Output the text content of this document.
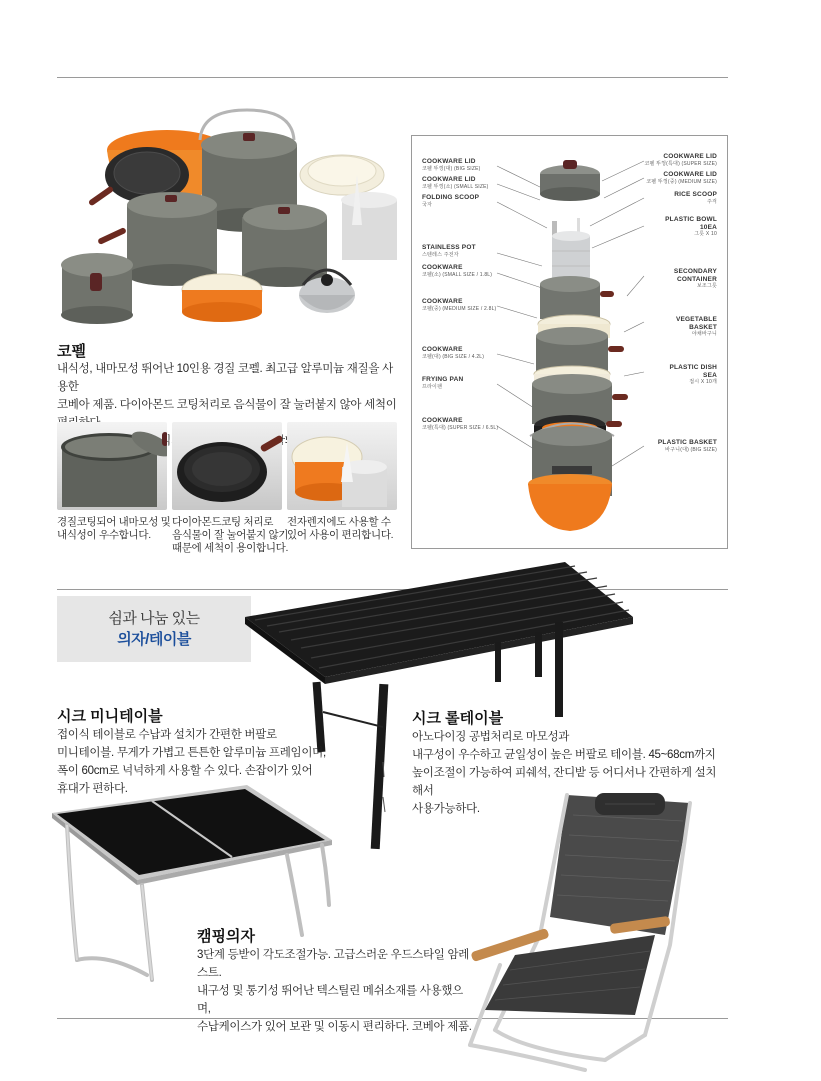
코펠
내식성, 내마모성 뛰어난 10인용 경질 코펠. 최고급 알루미늄 재질을 사용한
코베아 제품. 다이아몬드 코팅처리로 음식물이 잘 눌러붙지 않아 세척이
경질코팅되어 내마모성 및
내식성이 우수합니다.
다이아몬드코팅 처리로
음식물이 잘 눌어붙지 않기
때문에 세척이 용이합니다.
전자렌지에도 사용할 수
있어 사용이 편리합니다.
COOKWARE LID
코펠 뚜껑(대) (BIG SIZE)
COOKWARE LID
코펠 뚜껑(소) (SMALL SIZE)
FOLDING SCOOP
국자
STAINLESS POT
스텐레스 주전자
COOKWARE
코펠(소) (SMALL SIZE / 1.8L)
COOKWARE
코펠(중) (MEDIUM SIZE / 2.8L)
COOKWARE
코펠(대) (BIG SIZE / 4.2L)
FRYING PAN
프라이팬
COOKWARE
코펠(특대) (SUPER SIZE / 6.5L)
COOKWARE LID
코펠 뚜껑(특대) (SUPER SIZE)
COOKWARE LID
코펠 뚜껑(중) (MEDIUM SIZE)
RICE SCOOP
주걱
PLASTIC BOWL 10EA
그릇 X 10
SECONDARY CONTAINER
보조그릇
VEGETABLE BASKET
야채바구니
PLASTIC DISH SEA
접시 X 10개
PLASTIC BASKET
바구니(대) (BIG SIZE)
쉼과 나눔 있는
의자/테이블
시크 미니테이블
접이식 테이블로 수납과 설치가 간편한 버팔로
미니테이블. 무게가 가볍고 튼튼한 알루미늄 프레임이며,
폭이 60cm로 넉넉하게 사용할 수 있다. 손잡이가 있어
휴대가 편하다.
시크 롤테이블
아노다이징 공법처리로 마모성과
내구성이 우수하고 균일성이 높은 버팔로 테이블. 45~68cm까지
높이조절이 가능하여 피쉐석, 잔디밭 등 어디서나 간편하게 설치해서
사용가능하다.
캠핑의자
3단계 등받이 각도조절가능. 고급스러운 우드스타일 암레스트.
내구성 및 통기성 뛰어난 텍스틸린 메쉬소재를 사용했으며,
수납케이스가 있어 보관 및 이동시 편리하다. 코베아 제품.
